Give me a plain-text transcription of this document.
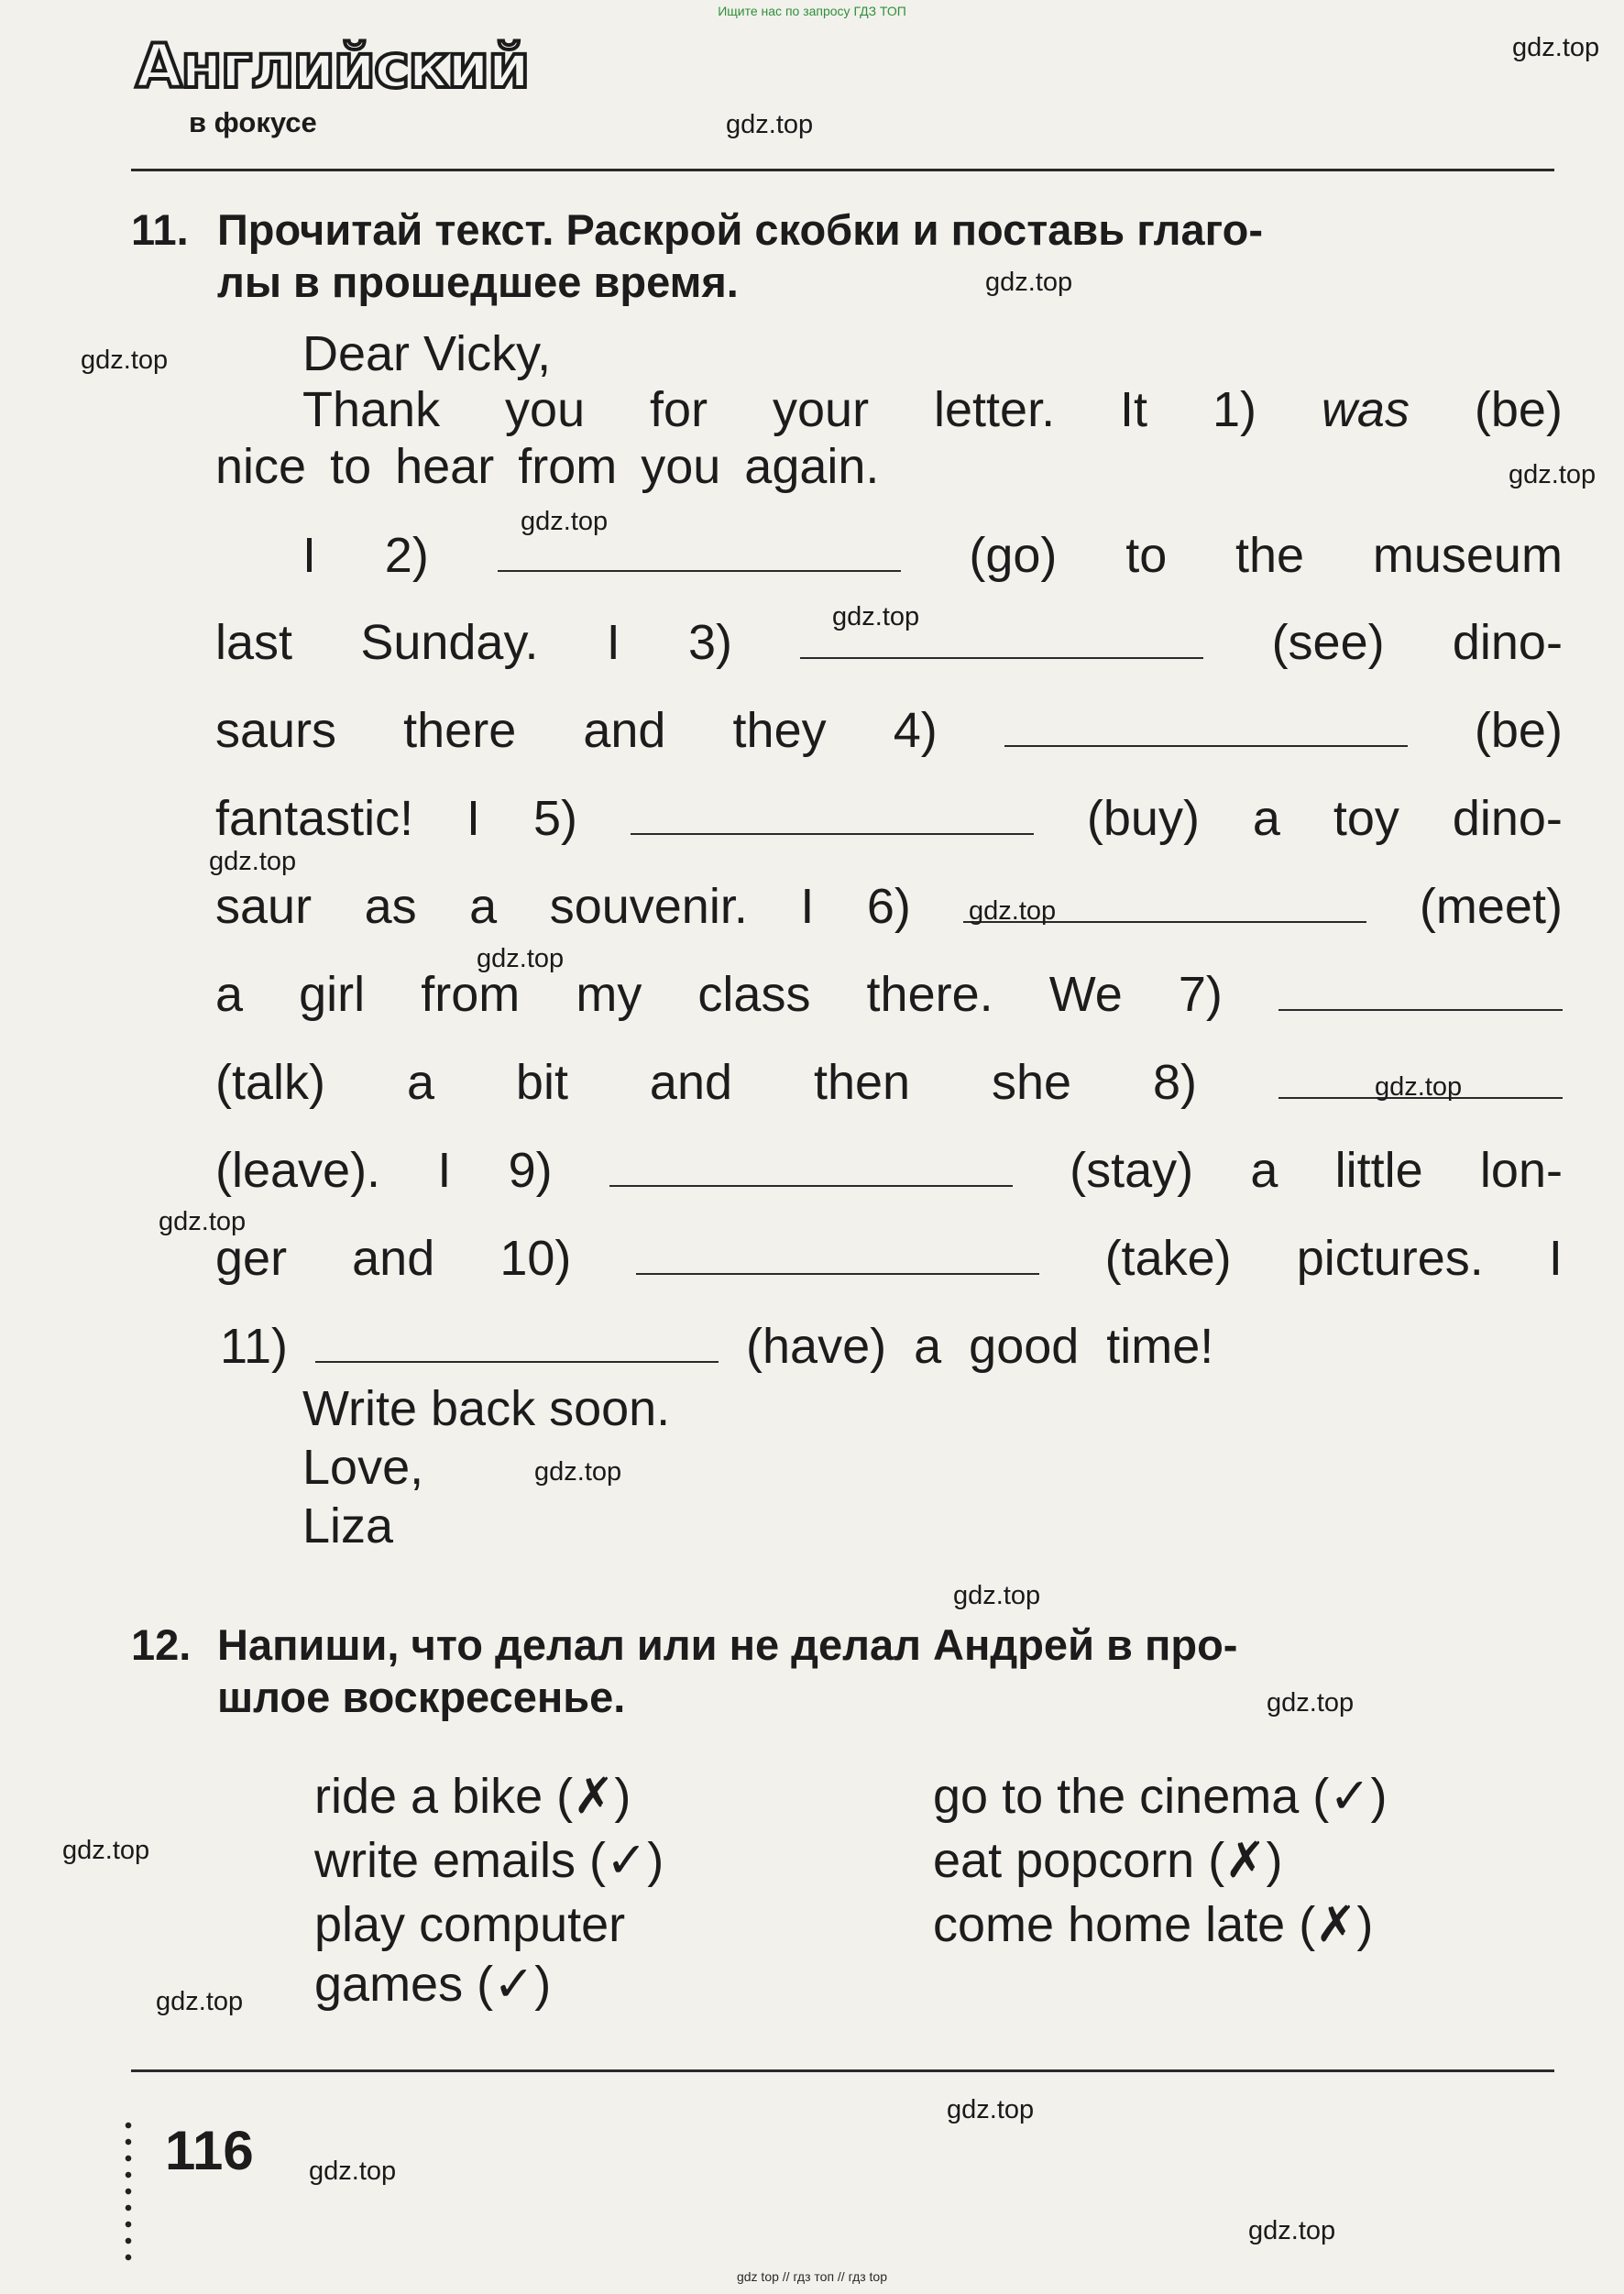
Ищите нас по запросу ГДЗ ТОП
Английский
в фокусе
11. Прочитай текст. Раскрой скобки и поставь глаго-
лы в прошедшее время.
Dear Vicky,
Thank you for your letter. It 1) was (be)
nice to hear from you again.
I 2)	(go) to the museum
last Sunday. I 3)	(see) dino-
saurs there and they 4)	(be)
fantastic! I 5)	(buy) a toy dino-
saur as a souvenir. I 6)	(meet)
a girl from my class there. We 7)
(talk) a bit and then she 8)
(leave). I 9)	(stay) a little lon-
ger and 10)	(take) pictures. I
11)	(have) a good time!
Write back soon.
Love,
Liza
12. Напиши, что делал или не делал Андрей в про-
шлое воскресенье.
ride a bike (✗)
write emails (✓)
play computer
games (✓)
go to the cinema (✓)
eat popcorn (✗)
come home late (✗)
116
gdz.top
gdz.top
gdz.top
gdz.top
gdz.top
gdz.top
gdz.top
gdz.top
gdz.top
gdz.top
gdz.top
gdz.top
gdz.top
gdz.top
gdz.top
gdz.top
gdz.top
gdz.top
gdz.top
gdz.top
gdz top // гдз топ // гдз top
